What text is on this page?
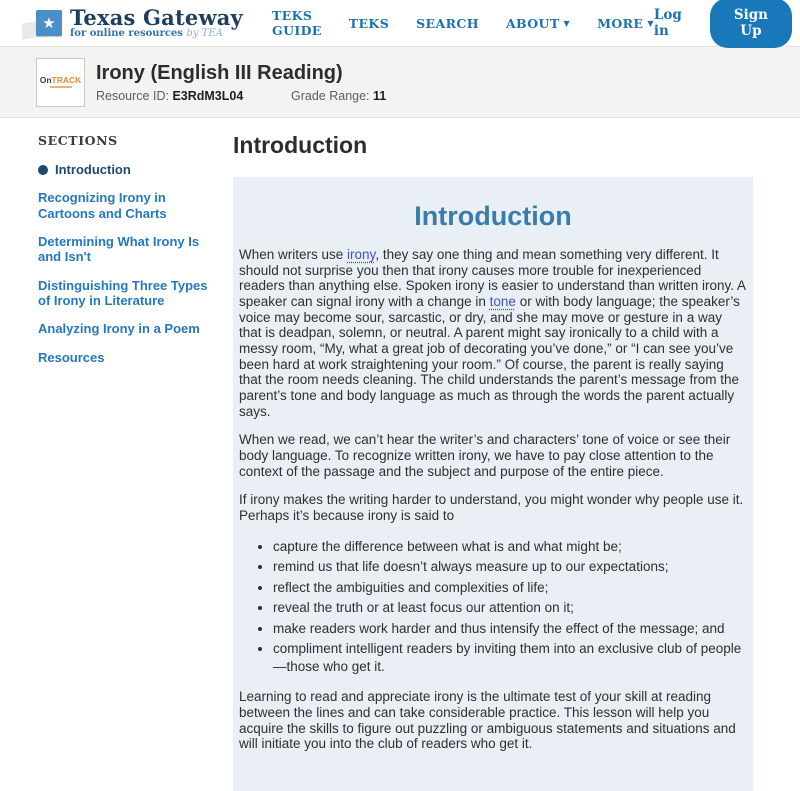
★ Texas Gateway
for online resources by TEA
TEKS GUIDE TEKS SEARCH ABOUT ▼ MORE ▼ Log in
Sign Up
OnTRACK Irony (English III Reading)
Resource ID: E3RdM3L04	Grade Range: 11
SECTIONS
Introduction
Recognizing Irony in Cartoons and Charts
Determining What Irony Is and Isn't
Distinguishing Three Types of Irony in Literature
Analyzing Irony in a Poem
Resources
Introduction
Introduction

When writers use irony, they say one thing and mean something very different. It should not surprise you then that irony causes more trouble for inexperienced readers than anything else. Spoken irony is easier to understand than written irony. A speaker can signal irony with a change in tone or with body language; the speaker’s voice may become sour, sarcastic, or dry, and she may move or gesture in a way that is deadpan, solemn, or neutral. A parent might say ironically to a child with a messy room, “My, what a great job of decorating you’ve done,” or “I can see you’ve been hard at work straightening your room.” Of course, the parent is really saying that the room needs cleaning. The child understands the parent’s message from the parent’s tone and body language as much as through the words the parent actually says.

When we read, we can’t hear the writer’s and characters’ tone of voice or see their body language. To recognize written irony, we have to pay close attention to the context of the passage and the subject and purpose of the entire piece.

If irony makes the writing harder to understand, you might wonder why people use it. Perhaps it’s because irony is said to

• capture the difference between what is and what might be;
• remind us that life doesn’t always measure up to our expectations;
• reflect the ambiguities and complexities of life;
• reveal the truth or at least focus our attention on it;
• make readers work harder and thus intensify the effect of the message; and
• compliment intelligent readers by inviting them into an exclusive club of people—those who get it.

Learning to read and appreciate irony is the ultimate test of your skill at reading between the lines and can take considerable practice. This lesson will help you acquire the skills to figure out puzzling or ambiguous statements and situations and will initiate you into the club of readers who get it.
